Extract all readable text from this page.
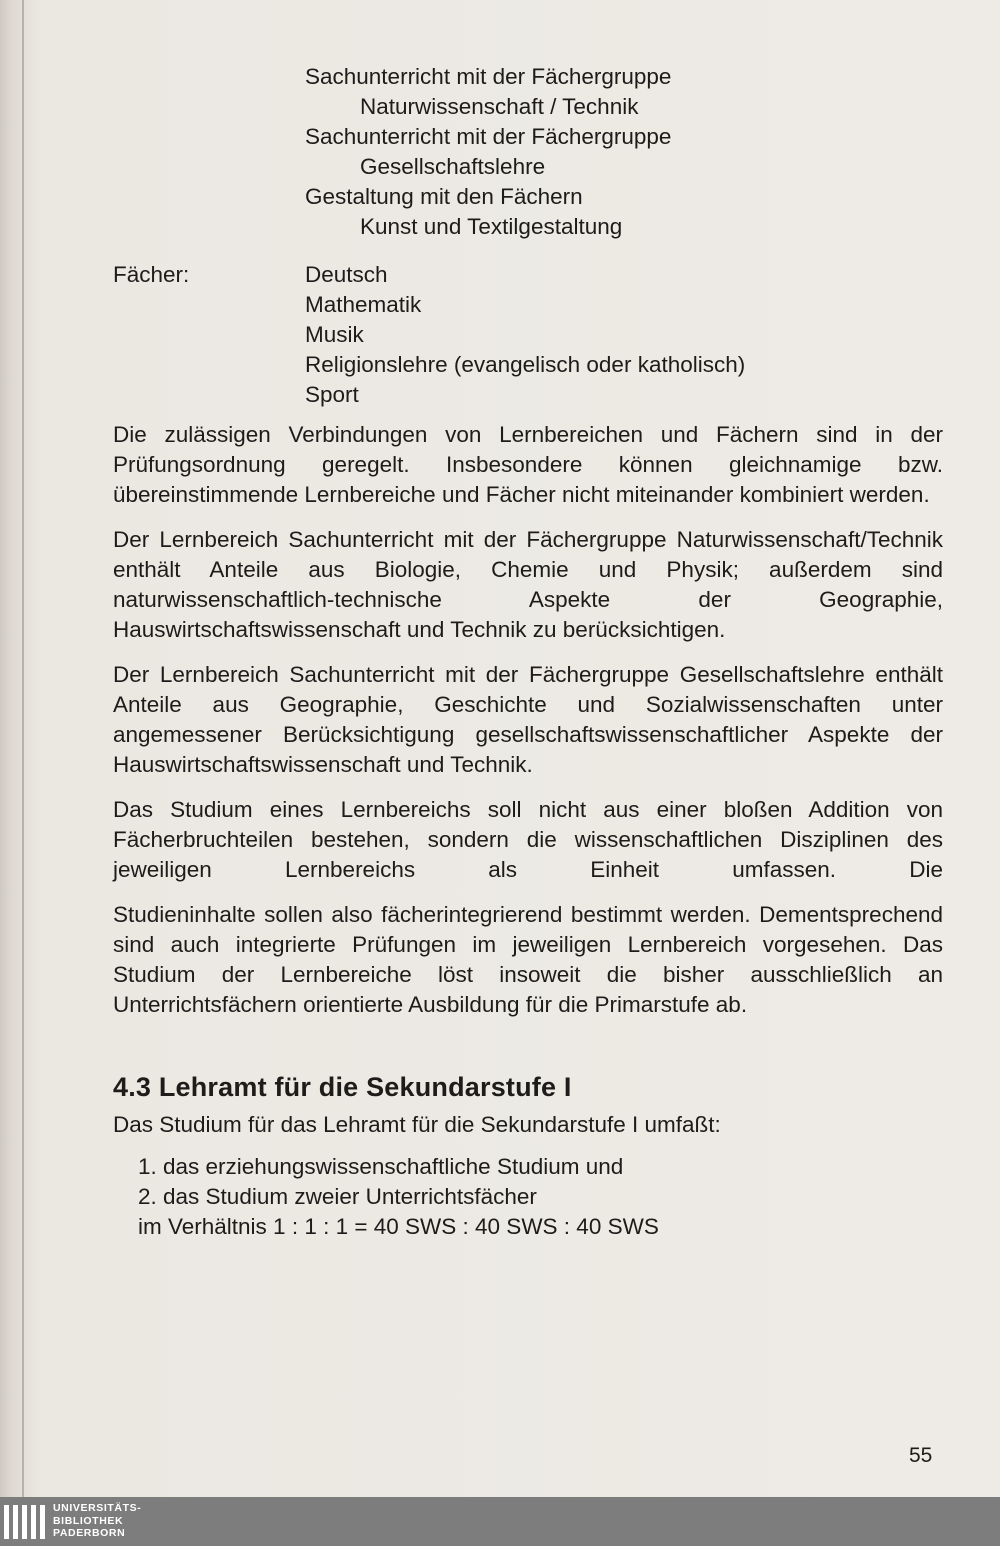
Sachunterricht mit der Fächergruppe
Naturwissenschaft / Technik
Sachunterricht mit der Fächergruppe
Gesellschaftslehre
Gestaltung mit den Fächern
Kunst und Textilgestaltung
Fächer:	Deutsch
Mathematik
Musik
Religionslehre (evangelisch oder katholisch)
Sport

Die zulässigen Verbindungen von Lernbereichen und Fächern sind in der Prüfungsordnung geregelt. Insbesondere können gleichnamige bzw. übereinstimmende Lernbereiche und Fächer nicht miteinander kombiniert werden.

Der Lernbereich Sachunterricht mit der Fächergruppe Naturwissenschaft/Technik enthält Anteile aus Biologie, Chemie und Physik; außerdem sind naturwissenschaftlich-technische Aspekte der Geographie, Hauswirtschaftswissenschaft und Technik zu berücksichtigen.

Der Lernbereich Sachunterricht mit der Fächergruppe Gesellschaftslehre enthält Anteile aus Geographie, Geschichte und Sozialwissenschaften unter angemessener Berücksichtigung gesellschaftswissenschaftlicher Aspekte der Hauswirtschaftswissenschaft und Technik.

Das Studium eines Lernbereichs soll nicht aus einer bloßen Addition von Fächerbruchteilen bestehen, sondern die wissenschaftlichen Disziplinen des jeweiligen Lernbereichs als Einheit umfassen. Die

Studieninhalte sollen also fächerintegrierend bestimmt werden. Dementsprechend sind auch integrierte Prüfungen im jeweiligen Lernbereich vorgesehen. Das Studium der Lernbereiche löst insoweit die bisher ausschließlich an Unterrichtsfächern orientierte Ausbildung für die Primarstufe ab.

4.3 Lehramt für die Sekundarstufe I
Das Studium für das Lehramt für die Sekundarstufe I umfaßt:
1. das erziehungswissenschaftliche Studium und
2. das Studium zweier Unterrichtsfächer
im Verhältnis 1 : 1 : 1 = 40 SWS : 40 SWS : 40 SWS
55
UNIVERSITÄTS-
BIBLIOTHEK
PADERBORN
